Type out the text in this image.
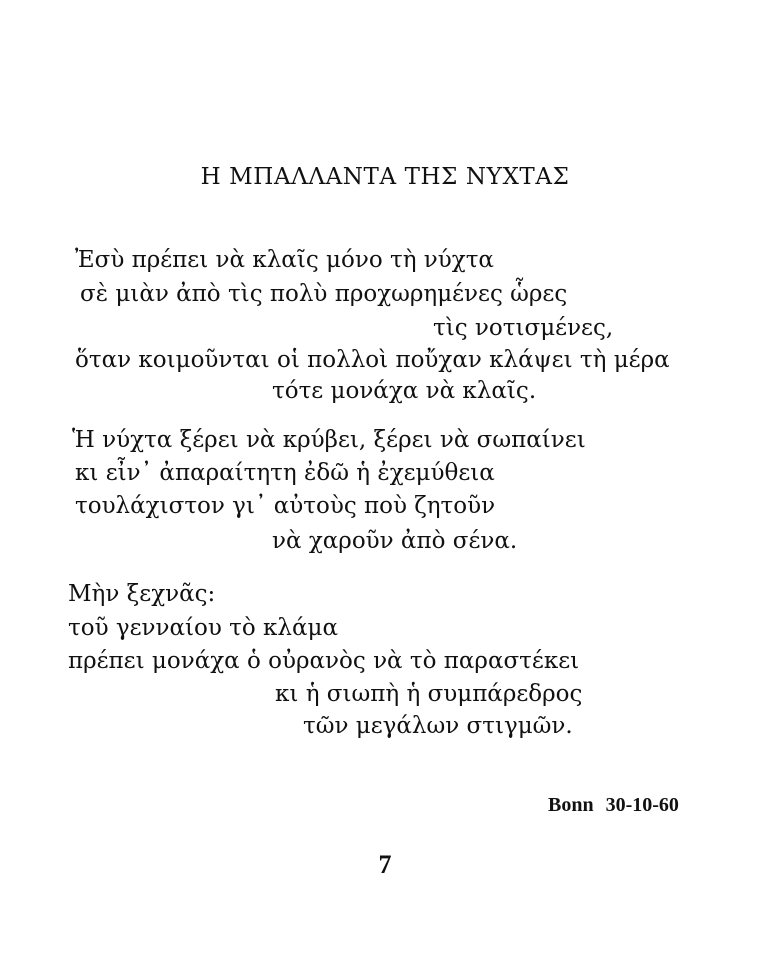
Η ΜΠΑΛΛΑΝΤΑ ΤΗΣ ΝΥΧΤΑΣ
Ἐσὺ πρέπει νὰ κλαῖς μόνο τὴ νύχτα
σὲ μιὰν ἀπὸ τὶς πολὺ προχωρημένες ὧρες
τὶς νοτισμένες,
ὅταν κοιμοῦνται οἱ πολλοὶ ποὔχαν κλάψει τὴ μέρα
τότε μονάχα νὰ κλαῖς.
Ἡ νύχτα ξέρει νὰ κρύβει, ξέρει νὰ σωπαίνει
κι εἶν᾽ ἀπαραίτητη ἐδῶ ἡ ἐχεμύθεια
τουλάχιστον γι᾽ αὐτοὺς ποὺ ζητοῦν
νὰ χαροῦν ἀπὸ σένα.
Μὴν ξεχνᾶς:
τοῦ γενναίου τὸ κλάμα
πρέπει μονάχα ὁ οὐρανὸς νὰ τὸ παραστέκει
κι ἡ σιωπὴ ἡ συμπάρεδρος
τῶν μεγάλων στιγμῶν.
Bonn 30-10-60
7
